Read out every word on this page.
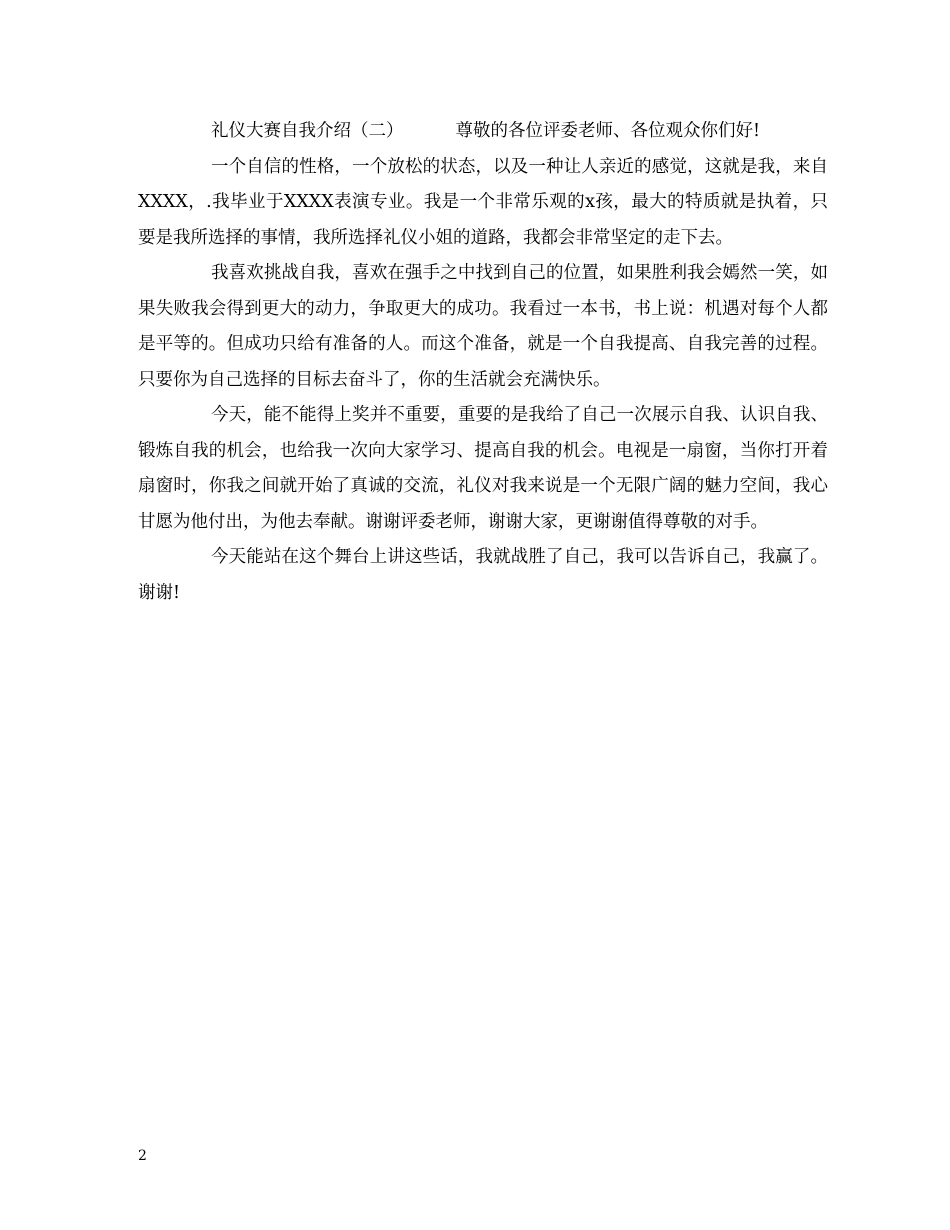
礼仪大赛自我介绍（二）	尊敬的各位评委老师、各位观众你们好!

一个自信的性格，一个放松的状态，以及一种让人亲近的感觉，这就是我，来自XXXX，.我毕业于XXXX表演专业。我是一个非常乐观的x孩，最大的特质就是执着，只要是我所选择的事情，我所选择礼仪小姐的道路，我都会非常坚定的走下去。

我喜欢挑战自我，喜欢在强手之中找到自己的位置，如果胜利我会嫣然一笑，如果失败我会得到更大的动力，争取更大的成功。我看过一本书，书上说：机遇对每个人都是平等的。但成功只给有准备的人。而这个准备，就是一个自我提高、自我完善的过程。只要你为自己选择的目标去奋斗了，你的生活就会充满快乐。

今天，能不能得上奖并不重要，重要的是我给了自己一次展示自我、认识自我、锻炼自我的机会，也给我一次向大家学习、提高自我的机会。电视是一扇窗，当你打开着扇窗时，你我之间就开始了真诚的交流，礼仪对我来说是一个无限广阔的魅力空间，我心甘愿为他付出，为他去奉献。谢谢评委老师，谢谢大家，更谢谢值得尊敬的对手。

今天能站在这个舞台上讲这些话，我就战胜了自己，我可以告诉自己，我赢了。谢谢!

2
